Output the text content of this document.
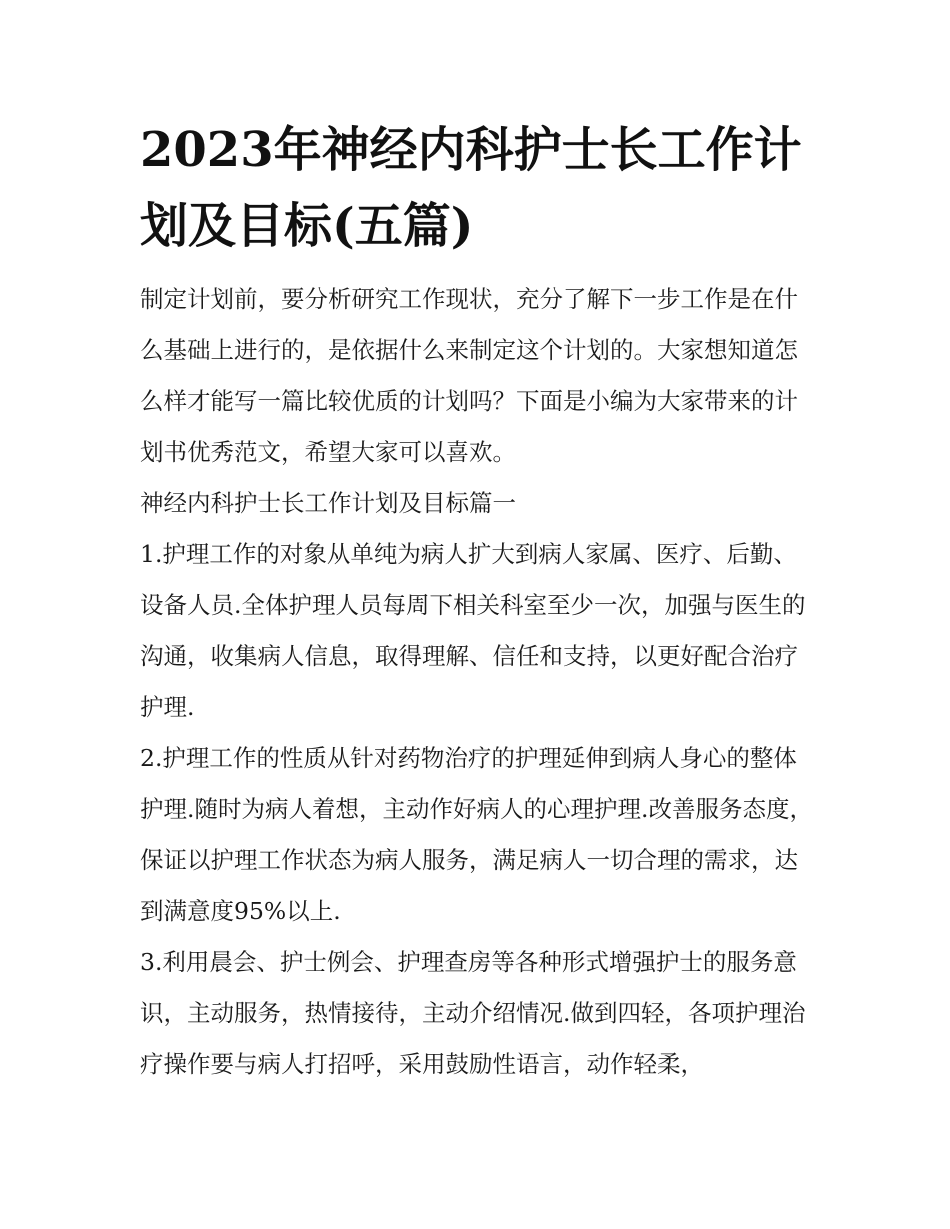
2023年神经内科护士长工作计划及目标(五篇)

制定计划前，要分析研究工作现状，充分了解下一步工作是在什么基础上进行的，是依据什么来制定这个计划的。大家想知道怎么样才能写一篇比较优质的计划吗？下面是小编为大家带来的计划书优秀范文，希望大家可以喜欢。

神经内科护士长工作计划及目标篇一

1.护理工作的对象从单纯为病人扩大到病人家属、医疗、后勤、设备人员.全体护理人员每周下相关科室至少一次，加强与医生的沟通，收集病人信息，取得理解、信任和支持，以更好配合治疗护理.

2.护理工作的性质从针对药物治疗的护理延伸到病人身心的整体护理.随时为病人着想，主动作好病人的心理护理.改善服务态度，保证以护理工作状态为病人服务，满足病人一切合理的需求，达到满意度95%以上.

3.利用晨会、护士例会、护理查房等各种形式增强护士的服务意识，主动服务，热情接待，主动介绍情况.做到四轻，各项护理治疗操作要与病人打招呼，采用鼓励性语言，动作轻柔，
